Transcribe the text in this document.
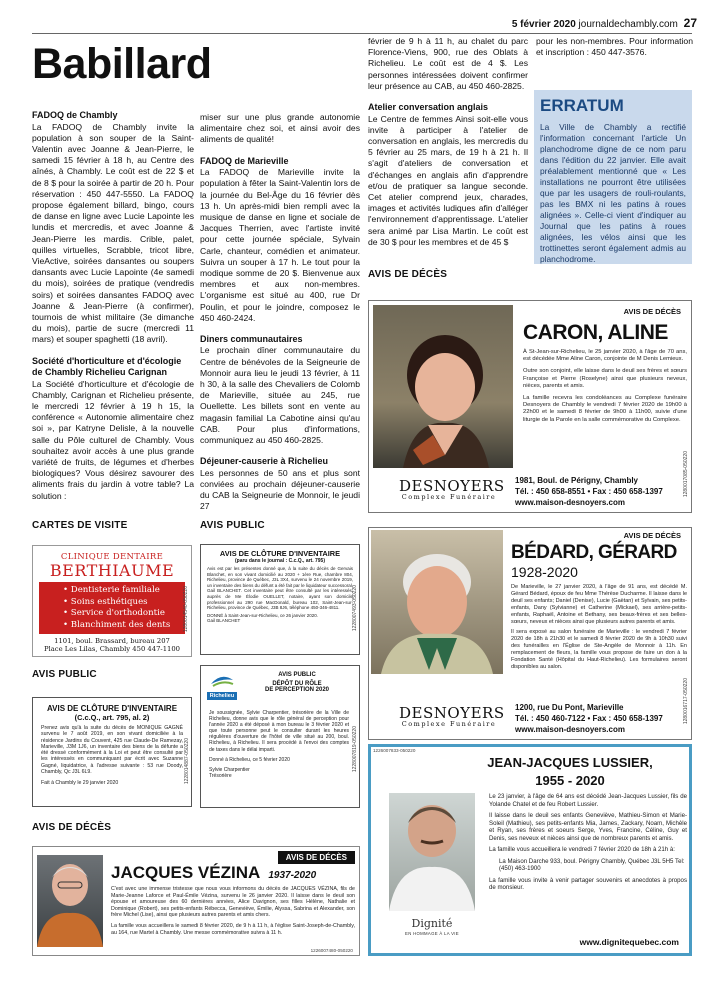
5 février 2020 journaldechambly.com 27
Babillard
FADOQ de Chambly

La FADOQ de Chambly invite la population à son souper de la Saint-Valentin avec Joanne & Jean-Pierre, le samedi 15 février à 18 h, au Centre des aînés, à Chambly. Le coût est de 22 $ et de 8 $ pour la soirée à partir de 20 h. Pour réservation : 450 447-5550. La FADOQ propose également billard, bingo, cours de danse en ligne avec Lucie Lapointe les lundis et mercredis, et avec Joanne & Jean-Pierre les mardis. Crible, palet, quilles virtuelles, Scrabble, tricot libre, VieActive, soirées dansantes ou soupers dansants avec Lucie Lapointe (4e samedi du mois), soirées de pratique (vendredis soirs) et soirées dansantes FADOQ avec Joanne & Jean-Pierre (à confirmer), tournois de whist militaire (3e dimanche du mois), partie de sucre (mercredi 11 mars) et souper spaghetti (18 avril).

Société d'horticulture et d'écologie de Chambly Richelieu Carignan

La Société d'horticulture et d'écologie de Chambly, Carignan et Richelieu présente, le mercredi 12 février à 19 h 15, la conférence « Autonomie alimentaire chez soi », par Katryne Delisle, à la nouvelle salle du Pôle culturel de Chambly. Vous souhaitez avoir accès à une plus grande variété de fruits, de légumes et d'herbes biologiques? Vous désirez savourer des aliments frais du jardin à votre table? La solution :

miser sur une plus grande autonomie alimentaire chez soi, et ainsi avoir des aliments de qualité!

FADOQ de Marieville

La FADOQ de Marieville invite la population à fêter la Saint-Valentin lors de la journée du Bel-Âge du 16 février dès 13 h. Un après-midi bien rempli avec la musique de danse en ligne et sociale de Jacques Therrien, avec l'artiste invité pour cette journée spéciale, Sylvain Carle, chanteur, comédien et animateur. Suivra un souper à 17 h. Le tout pour la modique somme de 20 $. Bienvenue aux membres et aux non-membres. L'organisme est situé au 400, rue Dr Poulin, et pour le joindre, composez le 450 460-2424.

Diners communautaires

Le prochain dîner communautaire du Centre de bénévoles de la Seigneurie de Monnoir aura lieu le jeudi 13 février, à 11 h 30, à la salle des Chevaliers de Colomb de Marieville, située au 245, rue Ouellette. Les billets sont en vente au magasin familial La Cabotine ainsi qu'au CAB. Pour plus d'informations, communiquez au 450 460-2825.

Déjeuner-causerie à Richelieu

Les personnes de 50 ans et plus sont conviées au prochain déjeuner-causerie du CAB la Seigneurie de Monnoir, le jeudi 27

février de 9 h à 11 h, au chalet du parc Florence-Viens, 900, rue des Oblats à Richelieu. Le coût est de 4 $. Les personnes intéressées doivent confirmer leur présence au CAB, au 450 460-2825.

Atelier conversation anglais

Le Centre de femmes Ainsi soit-elle vous invite à participer à l'atelier de conversation en anglais, les mercredis du 5 février au 25 mars, de 19 h à 21 h. Il s'agit d'ateliers de conversation et d'échanges en anglais afin d'apprendre et/ou de pratiquer sa langue seconde. Cet atelier comprend jeux, charades, images et activités ludiques afin d'alléger l'environnement d'apprentissage. L'atelier sera animé par Lisa Martin. Le coût est de 30 $ pour les membres et de 45 $

pour les non-membres. Pour information et inscription : 450 447-3576.

ERRATUM

La Ville de Chambly a rectifié l'information concernant l'article Un planchodrome digne de ce nom paru dans l'édition du 22 janvier. Elle avait préalablement mentionné que « Les installations ne pourront être utilisées que par les usagers de rouli-roulants, pas les BMX ni les patins à roues alignées ». Celle-ci vient d'indiquer au Journal que les patins à roues alignées, les vélos ainsi que les trottinettes seront également admis au planchodrome.

AVIS DE DÉCÈS
AVIS DE DÉCÈS
CARON, ALINE

À St-Jean-sur-Richelieu, le 25 janvier 2020, à l'âge de 70 ans, est décédée Mme Aline Caron, conjointe de M Denis Lemieux.

Outre son conjoint, elle laisse dans le deuil ses frères et sœurs Françoise et Pierre (Roselyne) ainsi que plusieurs neveux, nièces, parents et amis.

La famille recevra les condoléances au Complexe funéraire Desnoyers de Chambly le vendredi 7 février 2020 de 19h00 à 22h00 et le samedi 8 février de 9h00 à 11h00, suivie d'une liturgie de la Parole en la salle commémorative du Complexe.

DESNOYERS
Complexe Funéraire
1981, Boul. de Périgny, Chambly
Tél. : 450 658-8551 • Fax : 450 658-1397
www.maison-desnoyers.com
1280017085-050220
AVIS DE DÉCÈS
BÉDARD, GÉRARD
1928-2020

De Marieville, le 27 janvier 2020, à l'âge de 91 ans, est décédé M. Gérard Bédard, époux de feu Mme Thérèse Ducharme. Il laisse dans le deuil ses enfants; Daniel (Denise), Lucie (Gaëtan) et Sylvain, ses petits-enfants, Dany (Sylvianne) et Catherine (Mickael), ses arrière-petits-enfants, Raphaël, Antoine et Bethany, ses beaux-frères et ses belles-sœurs, neveux et nièces ainsi que plusieurs autres parents et amis.

Il sera exposé au salon funéraire de Marieville : le vendredi 7 février 2020 de 18h à 21h30 et le samedi 8 février 2020 de 9h à 10h30 suivi des funérailles en l'Église de Ste-Angèle de Monnoir à 11h. En remplacement de fleurs, la famille vous propose de faire un don à la Fondation Santé (Hôpital du Haut-Richelieu). Les formulaires seront disponibles au salon.

DESNOYERS
Complexe Funéraire
1200, rue Du Pont, Marieville
Tél. : 450 460-7122 • Fax : 450 658-1397
www.maison-desnoyers.com
1280016717-050220
CARTES DE VISITE
CLINIQUE DENTAIRE
BERTHIAUME
• Dentisterie familiale
• Soins esthétiques
• Service d'orthodontie
• Blanchiment des dents
1101, boul. Brassard, bureau 207
Place Les Lilas, Chambly 450 447-1100
1280014540-050220
AVIS PUBLIC
AVIS DE CLÔTURE D'INVENTAIRE
(paru dans le journal : C.c.Q., art. 795)

Avis est par les présentes donné que, à la suite du décès de Gervais Blanchet, en son vivant domicilié au 2020 + 1ère Rue, chambre 804, Richelieu, province de Québec, J3L 3X4, survenu le 24 novembre 2019, un inventaire des biens du défunt a été fait par le liquidateur successoral, Gail BLANCHET. Cet inventaire peut être consulté par les intéressés, auprès de Me Élodie OUELLET, notaire, ayant son domicile professionnel au 290 rue MacDonald, bureau 102, Saint-Jean-sur-Richelieu, province de Québec, J3B 8J6, téléphone 450-346-4811.

DONNÉ à Saint-Jean-sur-Richelieu, ce 26 janvier 2020.

Gail BLANCHET	1228007493-050220
AVIS PUBLIC
AVIS DE CLÔTURE D'INVENTAIRE
(C.c.Q., art. 795, al. 2)

Prenez avis qu'à la suite du décès de MONIQUE GAGNÉ survenu le 7 août 2019, en son vivant domiciliée à la résidence Jardins du Couvent, 425 rue Claude-De Ramezay, Marieville, J3M 1J6, un inventaire des biens de la défunte a été dressé conformément à la Loi et peut être consulté par les intéressés en communiquant par écrit avec Suzanne Gagné, liquidatrice, à l'adresse suivante : 53 rue Doody, Chambly, Qc J3L 6L9.

Fait à Chambly le 29 janvier 2020	1228014887-050220
Richelieu
AVIS PUBLIC
DÉPÔT DU RÔLE
DE PERCEPTION 2020

Je soussignée, Sylvie Charpentier, trésorière de la Ville de Richelieu, donne avis que le rôle général de perception pour l'année 2020 a été déposé à mon bureau le 3 février 2020 et que toute personne peut le consulter durant les heures régulières d'ouverture de l'hôtel de ville situé au 200, boul. Richelieu, à Richelieu. Il sera procédé à l'envoi des comptes de taxes dans le délai imparti.

Donné à Richelieu, ce 5 février 2020

Sylvie Charpentier

Trésorière

1228007819-050220
AVIS DE DÉCÈS
AVIS DE DÉCÈS
JACQUES VÉZINA 1937-2020

C'est avec une immense tristesse que nous vous informons du décès de JACQUES VÉZINA, fils de Marie-Jeanne Laforce et Paul-Émile Vézina, survenu le 26 janvier 2020. Il laisse dans le deuil son épouse et amoureuse des 60 dernières années, Alice Davignon, ses filles Hélène, Nathalie et Dominique (Robert), ses petits-enfants Rébecca, Geneviève, Émilie, Alyssa, Sabrina et Alexander, son frère Michel (Lise), ainsi que plusieurs autres parents et amis chers.

La famille vous accueillera le samedi 8 février 2020, de 9 h à 11 h, à l'église Saint-Joseph-de-Chambly, au 164, rue Martel à Chambly. Une messe commémorative suivra à 11 h.

1226007480-050220
1226007833-050220
JEAN-JACQUES LUSSIER,
1955 - 2020
Dignité
EN HOMMAGE À LA VIE

Le 23 janvier, à l'âge de 64 ans est décédé Jean-Jacques Lussier, fils de Yolande Chatel et de feu Robert Lussier.

Il laisse dans le deuil ses enfants Geneviève, Mathieu-Simon et Marie-Soleil (Mathieu), ses petits-enfants Mia, James, Zackary, Noam, Michèle et Ryan, ses frères et soeurs Serge, Yves, Francine, Céline, Guy et Denis, ses neveux et nièces ainsi que de nombreux parents et amis.

La famille vous accueillera le vendredi 7 février 2020 de 18h à 21h à:

La Maison Darche 933, boul. Périgny Chambly, Québec J3L 5H5 Tel: (450) 463-1900

La famille vous invite à venir partager souvenirs et anecdotes à propos de monsieur.

www.dignitequebec.com
